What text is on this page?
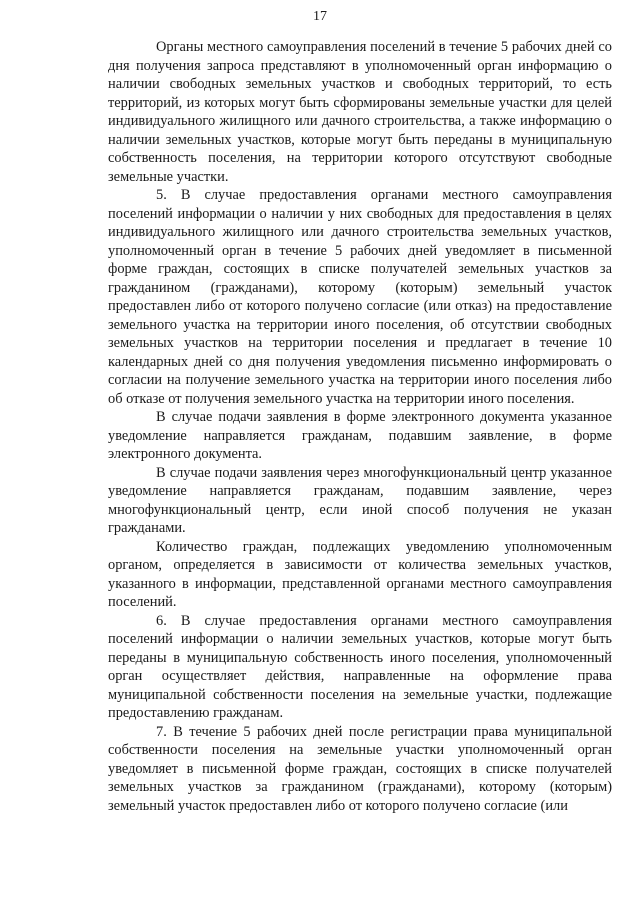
17

Органы местного самоуправления поселений в течение 5 рабочих дней со дня получения запроса представляют в уполномоченный орган информацию о наличии свободных земельных участков и свободных территорий, то есть территорий, из которых могут быть сформированы земельные участки для целей индивидуального жилищного или дачного строительства, а также информацию о наличии земельных участков, которые могут быть переданы в муниципальную собственность поселения, на территории которого отсутствуют свободные земельные участки.

5. В случае предоставления органами местного самоуправления поселений информации о наличии у них свободных для предоставления в целях индивидуального жилищного или дачного строительства земельных участков, уполномоченный орган в течение 5 рабочих дней уведомляет в письменной форме граждан, состоящих в списке получателей земельных участков за гражданином (гражданами), которому (которым) земельный участок предоставлен либо от которого получено согласие (или отказ) на предоставление земельного участка на территории иного поселения, об отсутствии свободных земельных участков на территории поселения и предлагает в течение 10 календарных дней со дня получения уведомления письменно информировать о согласии на получение земельного участка на территории иного поселения либо об отказе от получения земельного участка на территории иного поселения.

В случае подачи заявления в форме электронного документа указанное уведомление направляется гражданам, подавшим заявление, в форме электронного документа.

В случае подачи заявления через многофункциональный центр указанное уведомление направляется гражданам, подавшим заявление, через многофункциональный центр, если иной способ получения не указан гражданами.

Количество граждан, подлежащих уведомлению уполномоченным органом, определяется в зависимости от количества земельных участков, указанного в информации, представленной органами местного самоуправления поселений.

6. В случае предоставления органами местного самоуправления поселений информации о наличии земельных участков, которые могут быть переданы в муниципальную собственность иного поселения, уполномоченный орган осуществляет действия, направленные на оформление права муниципальной собственности поселения на земельные участки, подлежащие предоставлению гражданам.

7. В течение 5 рабочих дней после регистрации права муниципальной собственности поселения на земельные участки уполномоченный орган уведомляет в письменной форме граждан, состоящих в списке получателей земельных участков за гражданином (гражданами), которому (которым) земельный участок предоставлен либо от которого получено согласие (или
